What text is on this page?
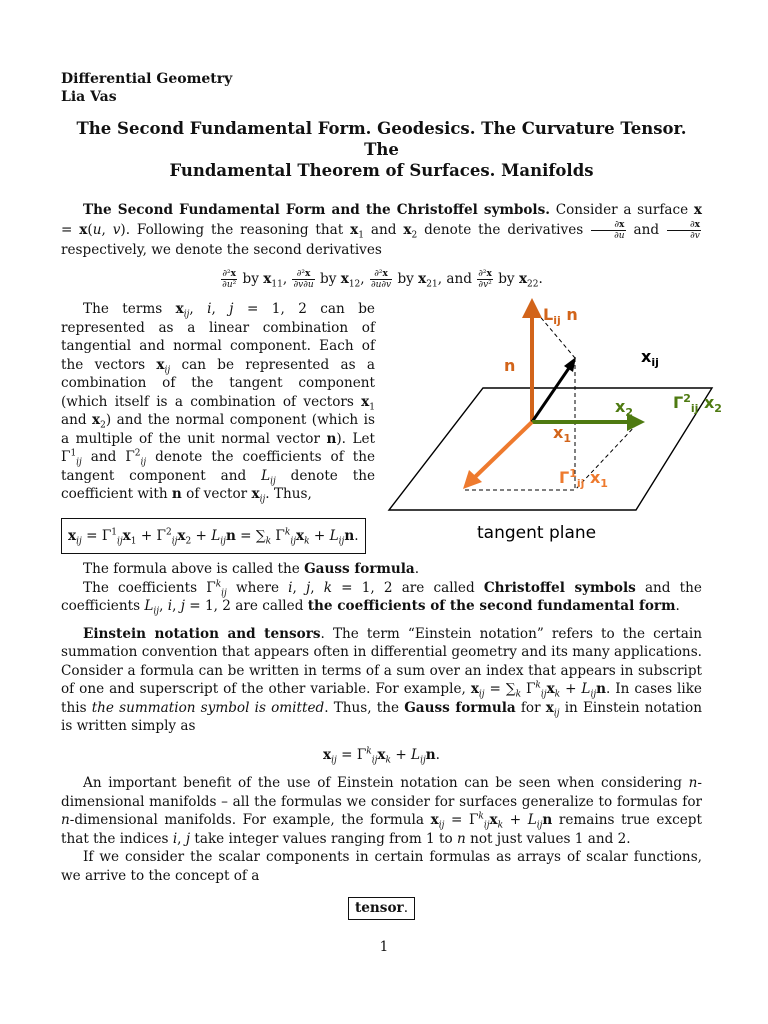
Differential Geometry
Lia Vas
The Second Fundamental Form. Geodesics. The Curvature Tensor. The
Fundamental Theorem of Surfaces. Manifolds

The Second Fundamental Form and the Christoffel symbols. Consider a surface x = x(u, v). Following the reasoning that $x_1$ and $x_2$ denote the derivatives $\frac{\partial x}{\partial u}$ and $\frac{\partial x}{\partial v}$
respectively, we denote the second derivatives

$\frac{\text{∂²x}}{\text{∂u²}}$ by $x_{11}$, $\frac{\text{∂²x}}{\partial v\partial u}$ by $x_{12}$, $\frac{\text{∂²x}}{\partial u\partial v}$ by $x_{21}$, and $\frac{\text{∂²x}}{\text{∂v²}}$ by $x_{22}$.

The terms $x_{ij}$, i, j = 1, 2 can be represented as a linear combination of tangential and normal component. Each of the vectors $x_{ij}$ can be represented as a combination of the tangent component (which itself is a combination of vectors $x_1$ and $x_2$) and the normal component (which is a multiple of the unit normal vector n). Let $\Gamma^1_{ij}$ and $\Gamma^2_{ij}$ denote the coefficients of the tangent component and $L_{ij}$ denote the coefficient with n of vector $x_{ij}$. Thus,

$x_{ij} = \Gamma^1_{ij}x_1 + \Gamma^2_{ij}x_2 + L_{ij}n = \sum_k$ $\Gamma^k_{ij}x_k + L_{ij}n$.
$L_{ij}$ n
n	$x_{ij}$
$x_2$
$\Gamma^2_{ij}$ $x_2$
$x_1$
$\Gamma^1_{ij}$ $x_1$
tangent plane

The formula above is called the Gauss formula.

The coefficients $\Gamma^k_{ij}$ where i, j, k = 1, 2 are called Christoffel symbols and the coefficients $L_{ij}$, i, j = 1, 2 are called the coefficients of the second fundamental form.

Einstein notation and tensors. The term “Einstein notation” refers to the certain summation convention that appears often in differential geometry and its many applications. Consider a formula can be written in terms of a sum over an index that appears in subscript of one and superscript of the other variable. For example, $x_{ij} = \sum_k$ $\Gamma^k_{ij}x_k + L_{ij}n$. In cases like this the summation symbol is omitted. Thus, the Gauss formula for $x_{ij}$ in Einstein notation is written simply as

$x_{ij} = \Gamma^k_{ij}x_k + L_{ij}n$.

An important benefit of the use of Einstein notation can be seen when considering n-dimensional manifolds – all the formulas we consider for surfaces generalize to formulas for n-dimensional manifolds. For example, the formula $x_{ij} = \Gamma^k_{ij}x_k + L_{ij}n$ remains true except that the indices i, j take integer values ranging from 1 to n not just values 1 and 2.

If we consider the scalar components in certain formulas as arrays of scalar functions, we arrive to the concept of a

tensor.

1
